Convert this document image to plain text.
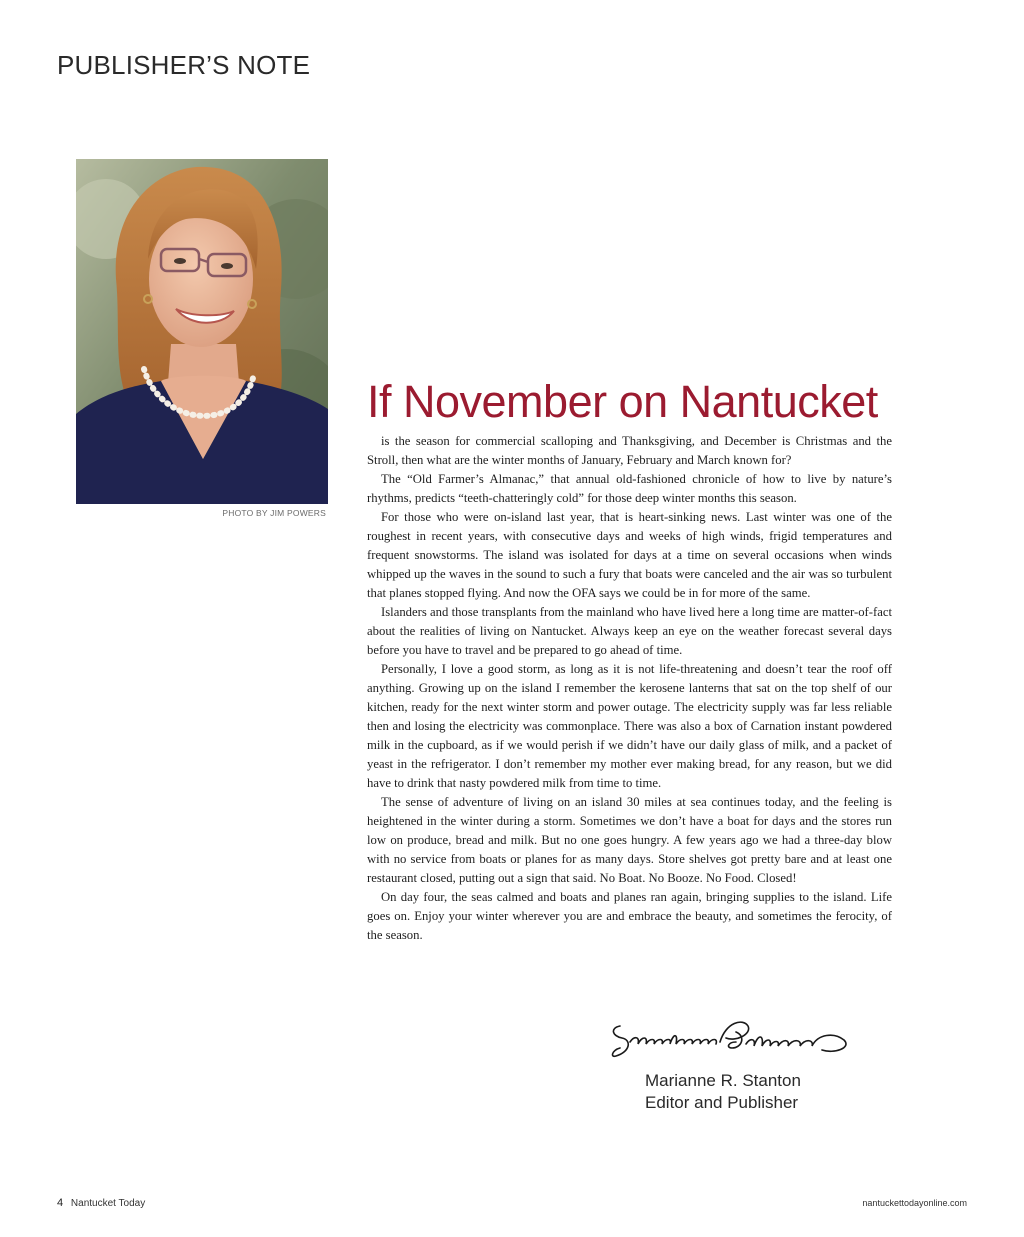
PUBLISHER’S NOTE
PHOTO BY JIM POWERS
If November on Nantucket

is the season for commercial scalloping and Thanksgiving, and December is Christmas and the Stroll, then what are the winter months of January, February and March known for?

The “Old Farmer’s Almanac,” that annual old-fashioned chronicle of how to live by nature’s rhythms, predicts “teeth-chatteringly cold” for those deep winter months this season.

For those who were on-island last year, that is heart-sinking news. Last winter was one of the roughest in recent years, with consecutive days and weeks of high winds, frigid temperatures and frequent snowstorms. The island was isolated for days at a time on several occasions when winds whipped up the waves in the sound to such a fury that boats were canceled and the air was so turbulent that planes stopped flying. And now the OFA says we could be in for more of the same.

Islanders and those transplants from the mainland who have lived here a long time are matter-of-fact about the realities of living on Nantucket. Always keep an eye on the weather forecast several days before you have to travel and be prepared to go ahead of time.

Personally, I love a good storm, as long as it is not life-threatening and doesn’t tear the roof off anything. Growing up on the island I remember the kerosene lanterns that sat on the top shelf of our kitchen, ready for the next winter storm and power outage. The electricity supply was far less reliable then and losing the electricity was commonplace. There was also a box of Carnation instant powdered milk in the cupboard, as if we would perish if we didn’t have our daily glass of milk, and a packet of yeast in the refrigerator. I don’t remember my mother ever making bread, for any reason, but we did have to drink that nasty powdered milk from time to time.

The sense of adventure of living on an island 30 miles at sea continues today, and the feeling is heightened in the winter during a storm. Sometimes we don’t have a boat for days and the stores run low on produce, bread and milk. But no one goes hungry. A few years ago we had a three-day blow with no service from boats or planes for as many days. Store shelves got pretty bare and at least one restaurant closed, putting out a sign that said. No Boat. No Booze. No Food. Closed!

On day four, the seas calmed and boats and planes ran again, bringing supplies to the island. Life goes on. Enjoy your winter wherever you are and embrace the beauty, and sometimes the ferocity, of the season.

Marianne R. Stanton
Editor and Publisher
4 Nantucket Today	nantuckettodayonline.com
